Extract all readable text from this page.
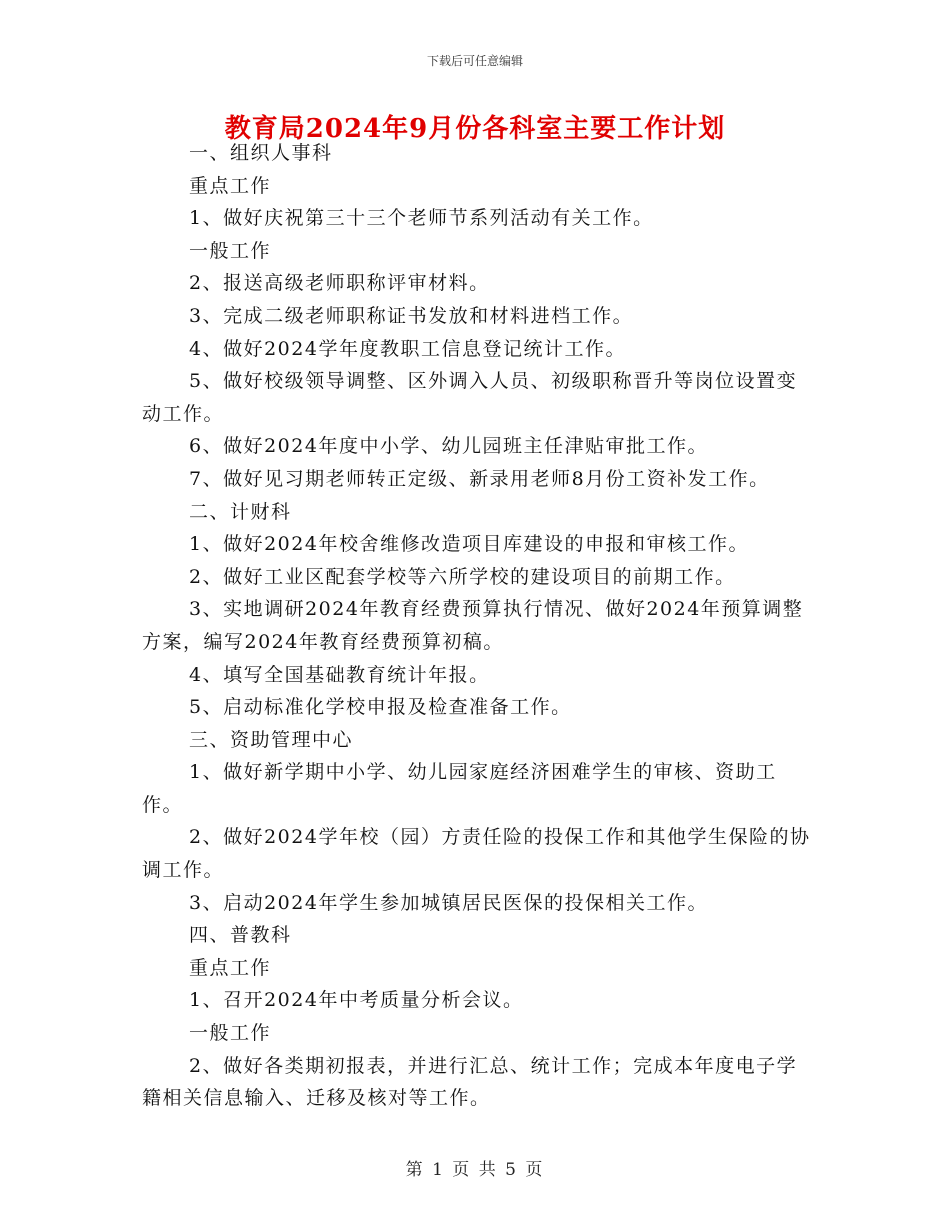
下载后可任意编辑
教育局2024年9月份各科室主要工作计划

一、组织人事科

重点工作

1、做好庆祝第三十三个老师节系列活动有关工作。

一般工作

2、报送高级老师职称评审材料。

3、完成二级老师职称证书发放和材料进档工作。

4、做好2024学年度教职工信息登记统计工作。

5、做好校级领导调整、区外调入人员、初级职称晋升等岗位设置变动工作。

6、做好2024年度中小学、幼儿园班主任津贴审批工作。

7、做好见习期老师转正定级、新录用老师8月份工资补发工作。

二、计财科

1、做好2024年校舍维修改造项目库建设的申报和审核工作。

2、做好工业区配套学校等六所学校的建设项目的前期工作。

3、实地调研2024年教育经费预算执行情况、做好2024年预算调整方案，编写2024年教育经费预算初稿。

4、填写全国基础教育统计年报。

5、启动标准化学校申报及检查准备工作。

三、资助管理中心

1、做好新学期中小学、幼儿园家庭经济困难学生的审核、资助工作。

2、做好2024学年校（园）方责任险的投保工作和其他学生保险的协调工作。

3、启动2024年学生参加城镇居民医保的投保相关工作。

四、普教科

重点工作

1、召开2024年中考质量分析会议。

一般工作

2、做好各类期初报表，并进行汇总、统计工作；完成本年度电子学籍相关信息输入、迁移及核对等工作。

第 1 页 共 5 页
